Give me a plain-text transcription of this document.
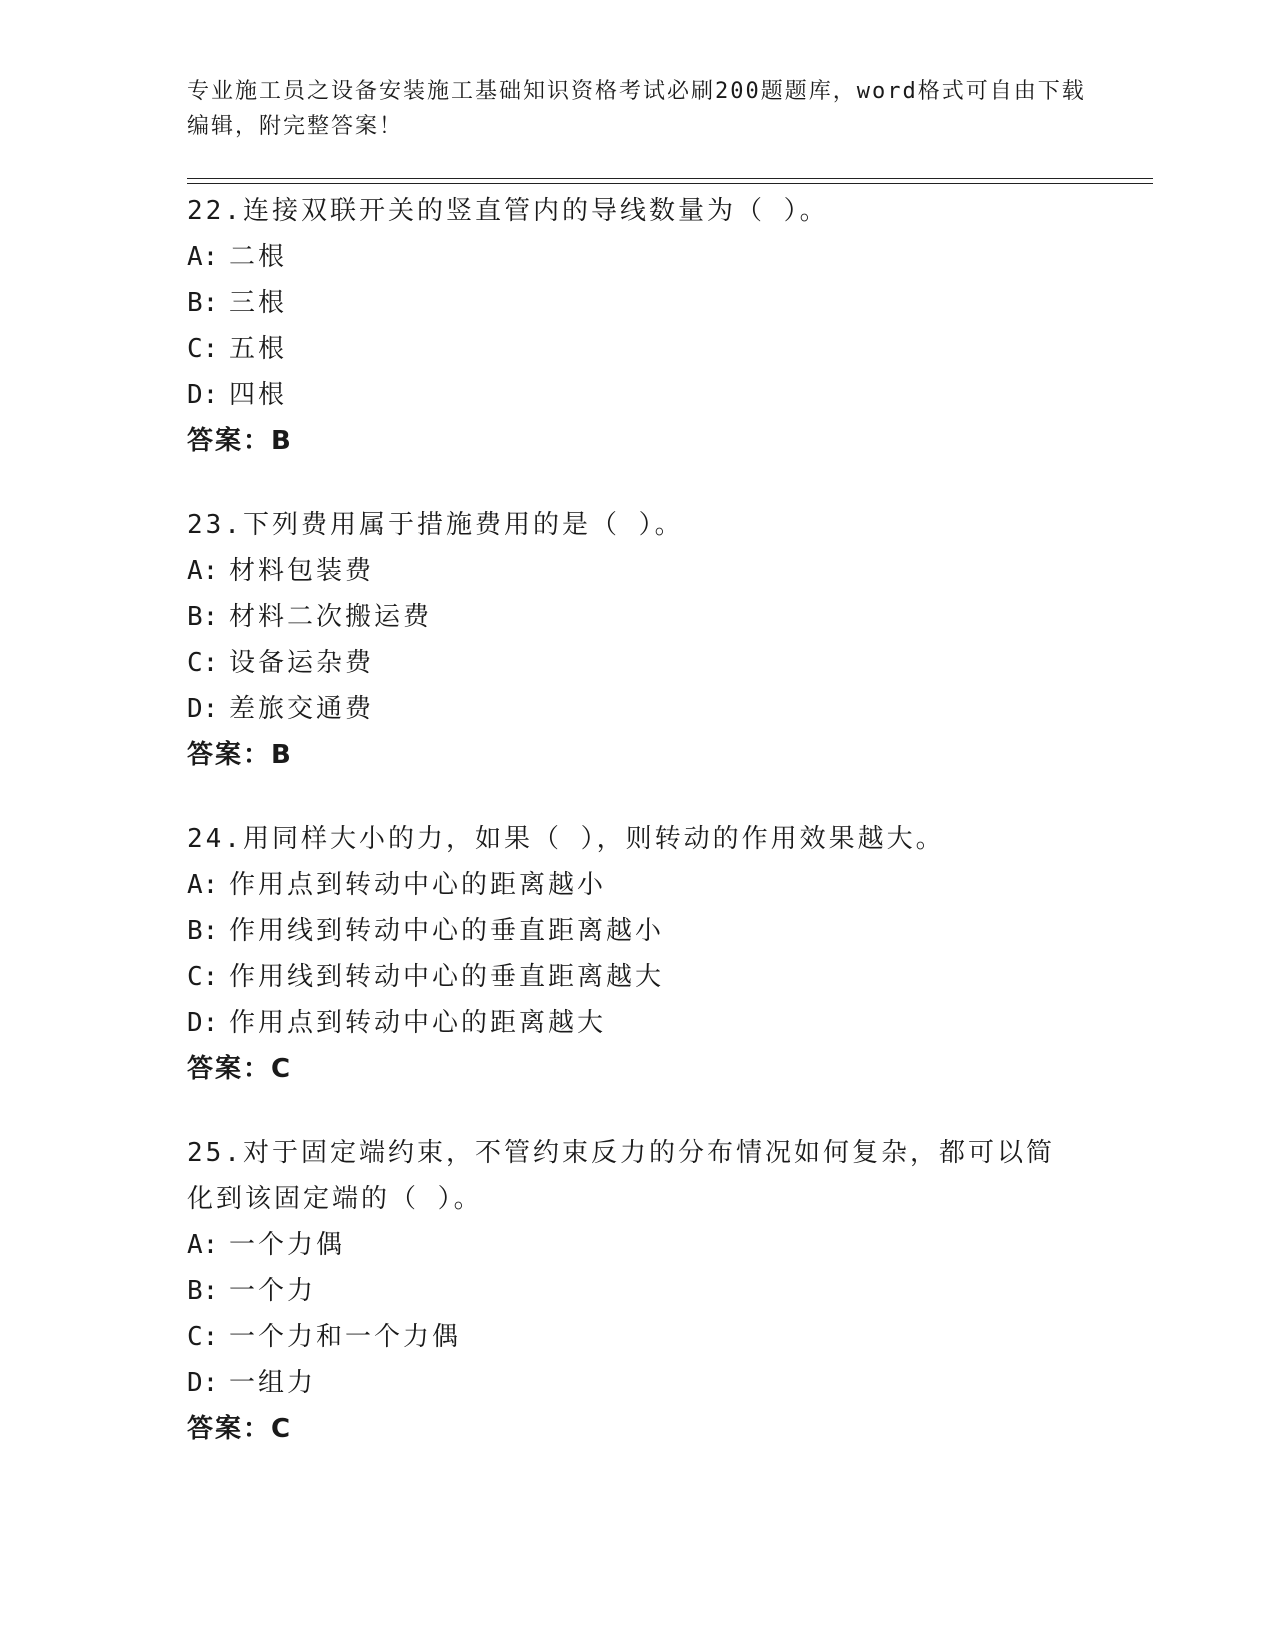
专业施工员之设备安装施工基础知识资格考试必刷200题题库，word格式可自由下载编辑，附完整答案！
22.连接双联开关的竖直管内的导线数量为（ ）。
A: 二根
B: 三根
C: 五根
D: 四根
答案：B
23.下列费用属于措施费用的是（ ）。
A: 材料包装费
B: 材料二次搬运费
C: 设备运杂费
D: 差旅交通费
答案：B
24.用同样大小的力，如果（ ），则转动的作用效果越大。
A: 作用点到转动中心的距离越小
B: 作用线到转动中心的垂直距离越小
C: 作用线到转动中心的垂直距离越大
D: 作用点到转动中心的距离越大
答案：C
25.对于固定端约束，不管约束反力的分布情况如何复杂，都可以简化到该固定端的（ ）。
A: 一个力偶
B: 一个力
C: 一个力和一个力偶
D: 一组力
答案：C
